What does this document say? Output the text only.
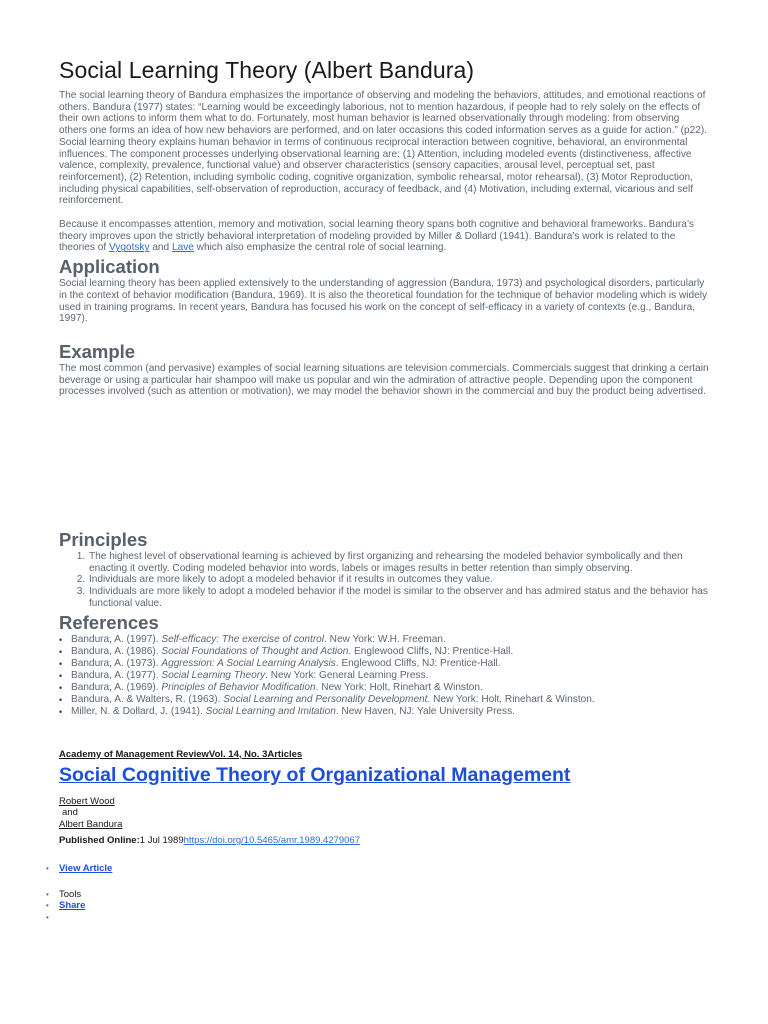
Social Learning Theory (Albert Bandura)

The social learning theory of Bandura emphasizes the importance of observing and modeling the behaviors, attitudes, and emotional reactions of others. Bandura (1977) states: “Learning would be exceedingly laborious, not to mention hazardous, if people had to rely solely on the effects of their own actions to inform them what to do. Fortunately, most human behavior is learned observationally through modeling: from observing others one forms an idea of how new behaviors are performed, and on later occasions this coded information serves as a guide for action.” (p22). Social learning theory explains human behavior in terms of continuous reciprocal interaction between cognitive, behavioral, an environmental influences. The component processes underlying observational learning are: (1) Attention, including modeled events (distinctiveness, affective valence, complexity, prevalence, functional value) and observer characteristics (sensory capacities, arousal level, perceptual set, past reinforcement), (2) Retention, including symbolic coding, cognitive organization, symbolic rehearsal, motor rehearsal), (3) Motor Reproduction, including physical capabilities, self-observation of reproduction, accuracy of feedback, and (4) Motivation, including external, vicarious and self reinforcement.

Because it encompasses attention, memory and motivation, social learning theory spans both cognitive and behavioral frameworks. Bandura’s theory improves upon the strictly behavioral interpretation of modeling provided by Miller & Dollard (1941). Bandura’s work is related to the theories of Vygotsky and Lave which also emphasize the central role of social learning.

Application

Social learning theory has been applied extensively to the understanding of aggression (Bandura, 1973) and psychological disorders, particularly in the context of behavior modification (Bandura, 1969). It is also the theoretical foundation for the technique of behavior modeling which is widely used in training programs. In recent years, Bandura has focused his work on the concept of self-efficacy in a variety of contexts (e.g., Bandura, 1997).

Example

The most common (and pervasive) examples of social learning situations are television commercials. Commercials suggest that drinking a certain beverage or using a particular hair shampoo will make us popular and win the admiration of attractive people. Depending upon the component processes involved (such as attention or motivation), we may model the behavior shown in the commercial and buy the product being advertised.

Principles
1. The highest level of observational learning is achieved by first organizing and rehearsing the modeled behavior symbolically and then enacting it overtly. Coding modeled behavior into words, labels or images results in better retention than simply observing.
2. Individuals are more likely to adopt a modeled behavior if it results in outcomes they value.
3. Individuals are more likely to adopt a modeled behavior if the model is similar to the observer and has admired status and the behavior has functional value.
References
• Bandura, A. (1997). Self-efficacy: The exercise of control. New York: W.H. Freeman.
• Bandura, A. (1986). Social Foundations of Thought and Action. Englewood Cliffs, NJ: Prentice-Hall.
• Bandura, A. (1973). Aggression: A Social Learning Analysis. Englewood Cliffs, NJ: Prentice-Hall.
• Bandura, A. (1977). Social Learning Theory. New York: General Learning Press.
• Bandura, A. (1969). Principles of Behavior Modification. New York: Holt, Rinehart & Winston.
• Bandura, A. & Walters, R. (1963). Social Learning and Personality Development. New York: Holt, Rinehart & Winston.
• Miller, N. & Dollard, J. (1941). Social Learning and Imitation. New Haven, NJ: Yale University Press.
Academy of Management ReviewVol. 14, No. 3Articles
Social Cognitive Theory of Organizational Management
Robert Wood
and
Albert Bandura
Published Online:1 Jul 1989https://doi.org/10.5465/amr.1989.4279067
• View Article
• Tools
• Share
•
